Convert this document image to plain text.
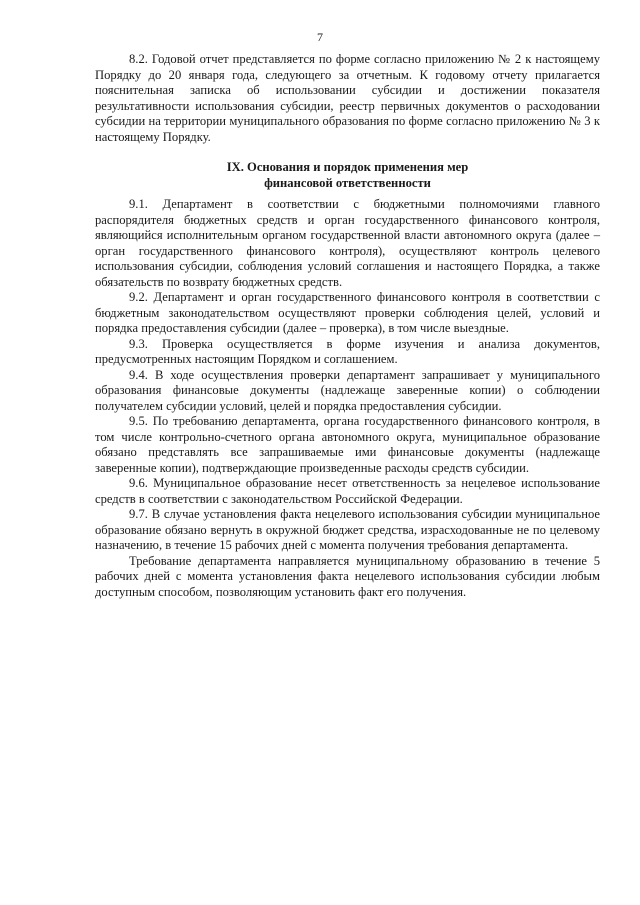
7

8.2. Годовой отчет представляется по форме согласно приложению № 2 к настоящему Порядку до 20 января года, следующего за отчетным. К годовому отчету прилагается пояснительная записка об использовании субсидии и достижении показателя результативности использования субсидии, реестр первичных документов о расходовании субсидии на территории муниципального образования по форме согласно приложению № 3 к настоящему Порядку.

IX. Основания и порядок применения мер

финансовой ответственности

9.1. Департамент в соответствии с бюджетными полномочиями главного распорядителя бюджетных средств и орган государственного финансового контроля, являющийся исполнительным органом государственной власти автономного округа (далее – орган государственного финансового контроля), осуществляют контроль целевого использования субсидии, соблюдения условий соглашения и настоящего Порядка, а также обязательств по возврату бюджетных средств.

9.2. Департамент и орган государственного финансового контроля в соответствии с бюджетным законодательством осуществляют проверки соблюдения целей, условий и порядка предоставления субсидии (далее – проверка), в том числе выездные.

9.3. Проверка осуществляется в форме изучения и анализа документов, предусмотренных настоящим Порядком и соглашением.

9.4. В ходе осуществления проверки департамент запрашивает у муниципального образования финансовые документы (надлежаще заверенные копии) о соблюдении получателем субсидии условий, целей и порядка предоставления субсидии.

9.5. По требованию департамента, органа государственного финансового контроля, в том числе контрольно-счетного органа автономного округа, муниципальное образование обязано представлять все запрашиваемые ими финансовые документы (надлежаще заверенные копии), подтверждающие произведенные расходы средств субсидии.

9.6. Муниципальное образование несет ответственность за нецелевое использование средств в соответствии с законодательством Российской Федерации.

9.7. В случае установления факта нецелевого использования субсидии муниципальное образование обязано вернуть в окружной бюджет средства, израсходованные не по целевому назначению, в течение 15 рабочих дней с момента получения требования департамента.

Требование департамента направляется муниципальному образованию в течение 5 рабочих дней с момента установления факта нецелевого использования субсидии любым доступным способом, позволяющим установить факт его получения.
